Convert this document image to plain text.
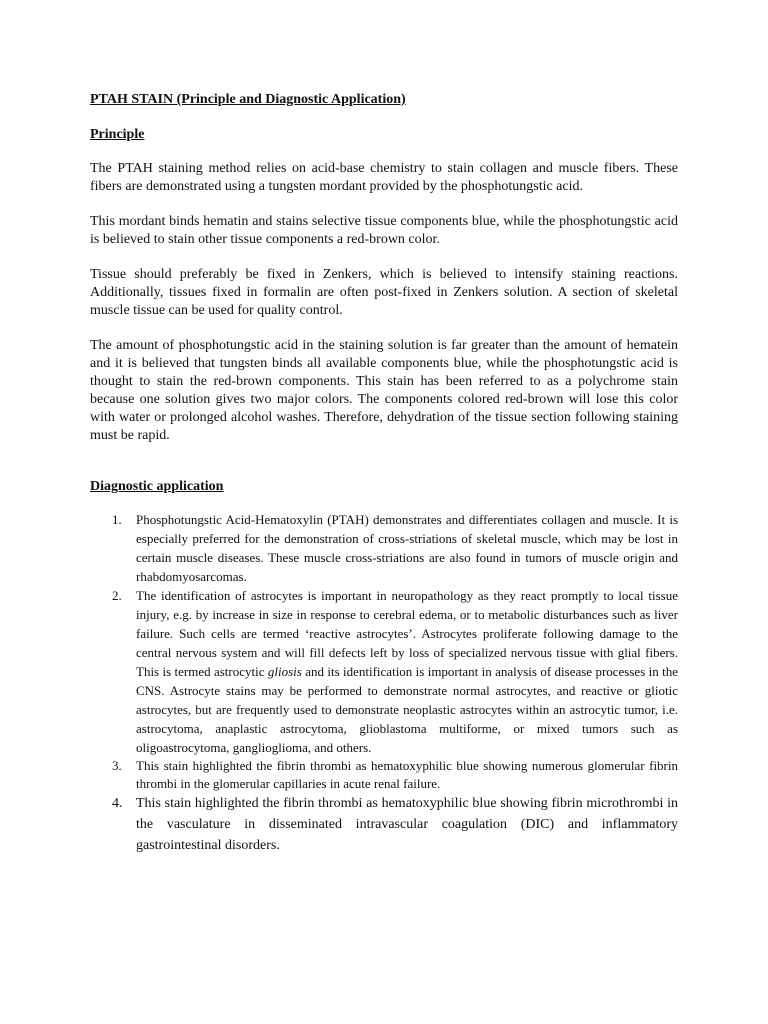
PTAH STAIN (Principle and Diagnostic Application)
Principle

The PTAH staining method relies on acid-base chemistry to stain collagen and muscle fibers. These fibers are demonstrated using a tungsten mordant provided by the phosphotungstic acid.

This mordant binds hematin and stains selective tissue components blue, while the phosphotungstic acid is believed to stain other tissue components a red-brown color.

Tissue should preferably be fixed in Zenkers, which is believed to intensify staining reactions. Additionally, tissues fixed in formalin are often post-fixed in Zenkers solution. A section of skeletal muscle tissue can be used for quality control.

The amount of phosphotungstic acid in the staining solution is far greater than the amount of hematein and it is believed that tungsten binds all available components blue, while the phosphotungstic acid is thought to stain the red-brown components. This stain has been referred to as a polychrome stain because one solution gives two major colors. The components colored red-brown will lose this color with water or prolonged alcohol washes. Therefore, dehydration of the tissue section following staining must be rapid.

Diagnostic application
1. Phosphotungstic Acid-Hematoxylin (PTAH) demonstrates and differentiates collagen and muscle. It is especially preferred for the demonstration of cross-striations of skeletal muscle, which may be lost in certain muscle diseases. These muscle cross-striations are also found in tumors of muscle origin and rhabdomyosarcomas.
2. The identification of astrocytes is important in neuropathology as they react promptly to local tissue injury, e.g. by increase in size in response to cerebral edema, or to metabolic disturbances such as liver failure. Such cells are termed ‘reactive astrocytes’. Astrocytes proliferate following damage to the central nervous system and will fill defects left by loss of specialized nervous tissue with glial fibers. This is termed astrocytic gliosis and its identification is important in analysis of disease processes in the CNS. Astrocyte stains may be performed to demonstrate normal astrocytes, and reactive or gliotic astrocytes, but are frequently used to demonstrate neoplastic astrocytes within an astrocytic tumor, i.e. astrocytoma, anaplastic astrocytoma, glioblastoma multiforme, or mixed tumors such as oligoastrocytoma, ganglioglioma, and others.
3. This stain highlighted the fibrin thrombi as hematoxyphilic blue showing numerous glomerular fibrin thrombi in the glomerular capillaries in acute renal failure.
4. This stain highlighted the fibrin thrombi as hematoxyphilic blue showing fibrin microthrombi in the vasculature in disseminated intravascular coagulation (DIC) and inflammatory gastrointestinal disorders.
